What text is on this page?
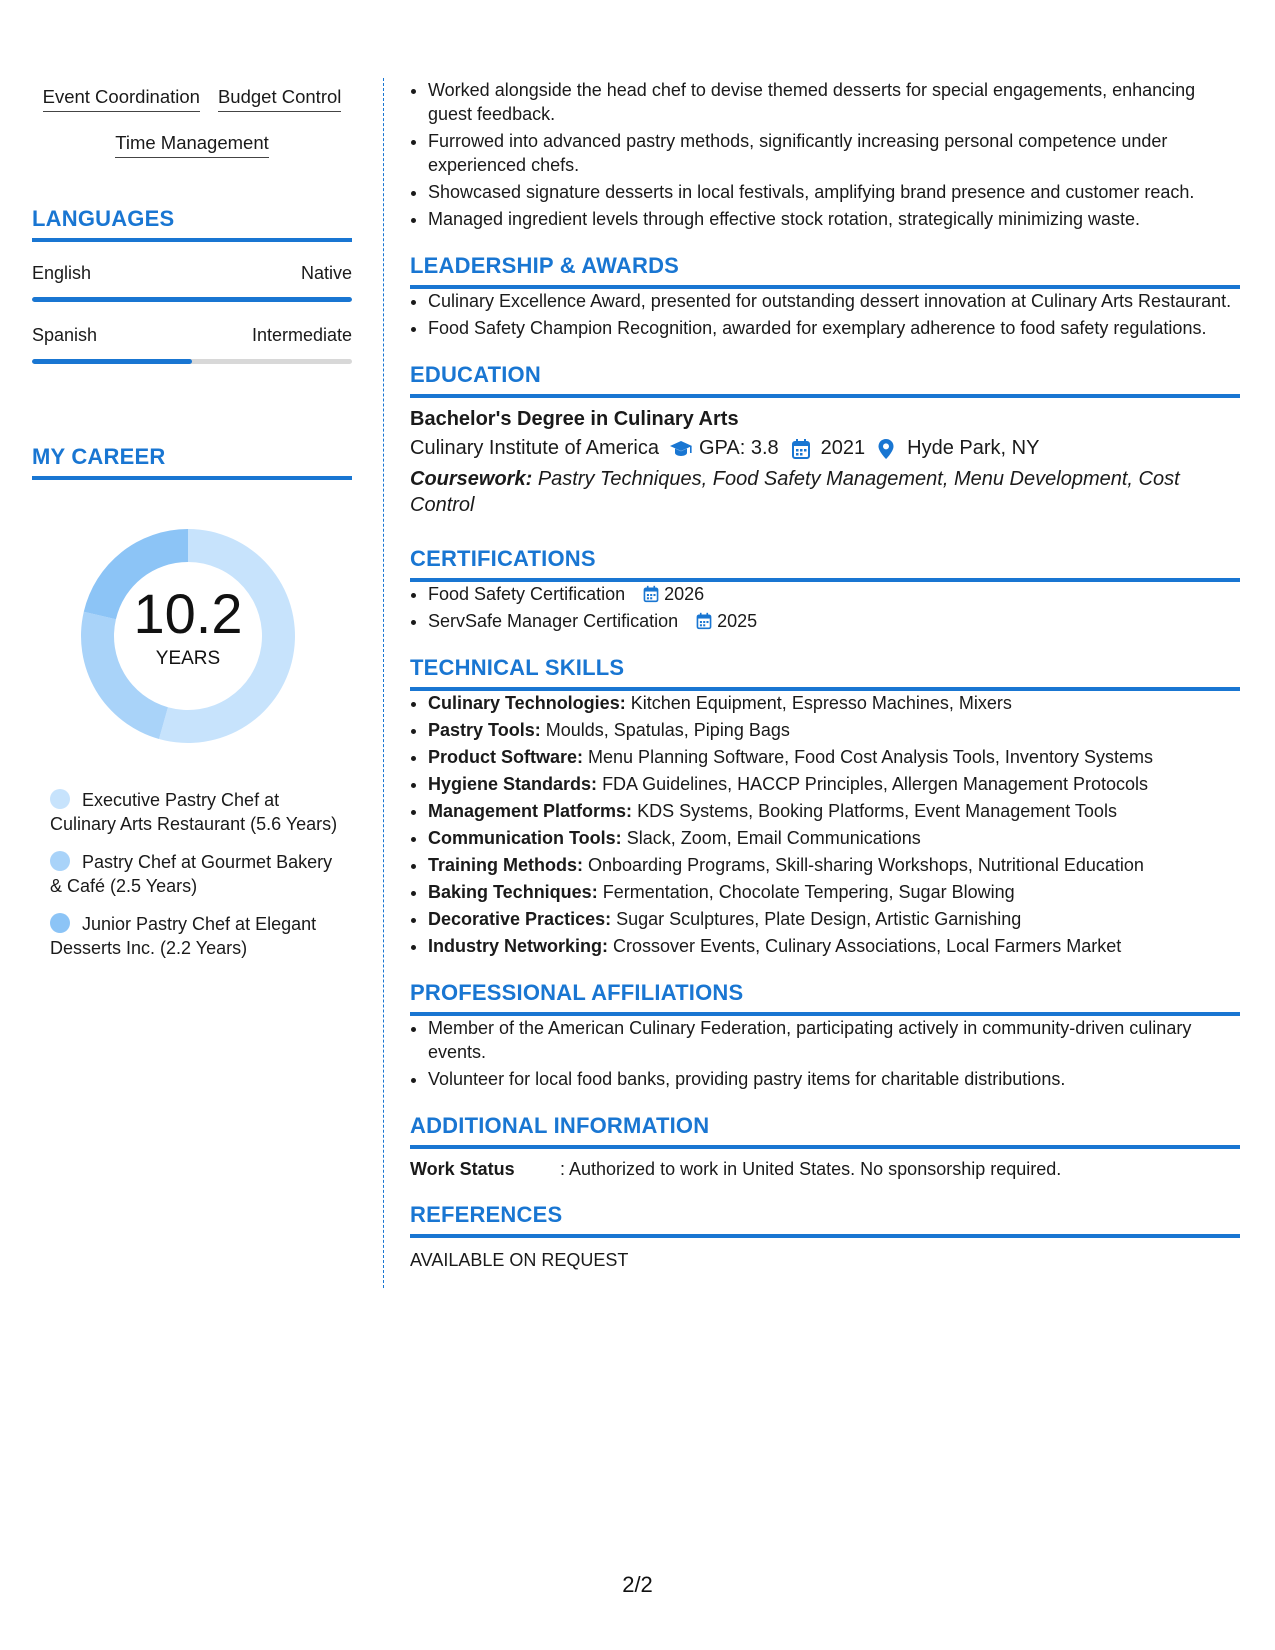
Event Coordination Budget Control
Time Management
LANGUAGES
English	Native
Spanish	Intermediate
MY CAREER
10.2
YEARS
Executive Pastry Chef at Culinary Arts Restaurant (5.6 Years)
Pastry Chef at Gourmet Bakery & Café (2.5 Years)
Junior Pastry Chef at Elegant Desserts Inc. (2.2 Years)
• Worked alongside the head chef to devise themed desserts for special engagements, enhancing guest feedback.
• Furrowed into advanced pastry methods, significantly increasing personal competence under experienced chefs.
• Showcased signature desserts in local festivals, amplifying brand presence and customer reach.
• Managed ingredient levels through effective stock rotation, strategically minimizing waste.
LEADERSHIP & AWARDS
• Culinary Excellence Award, presented for outstanding dessert innovation at Culinary Arts Restaurant.
• Food Safety Champion Recognition, awarded for exemplary adherence to food safety regulations.
EDUCATION
Bachelor's Degree in Culinary Arts
Culinary Institute of America GPA: 3.8 2021 Hyde Park, NY
Coursework: Pastry Techniques, Food Safety Management, Menu Development, Cost Control
CERTIFICATIONS
• Food Safety Certification 2026
• ServSafe Manager Certification 2025
TECHNICAL SKILLS
• Culinary Technologies: Kitchen Equipment, Espresso Machines, Mixers
• Pastry Tools: Moulds, Spatulas, Piping Bags
• Product Software: Menu Planning Software, Food Cost Analysis Tools, Inventory Systems
• Hygiene Standards: FDA Guidelines, HACCP Principles, Allergen Management Protocols
• Management Platforms: KDS Systems, Booking Platforms, Event Management Tools
• Communication Tools: Slack, Zoom, Email Communications
• Training Methods: Onboarding Programs, Skill-sharing Workshops, Nutritional Education
• Baking Techniques: Fermentation, Chocolate Tempering, Sugar Blowing
• Decorative Practices: Sugar Sculptures, Plate Design, Artistic Garnishing
• Industry Networking: Crossover Events, Culinary Associations, Local Farmers Market
PROFESSIONAL AFFILIATIONS
• Member of the American Culinary Federation, participating actively in community-driven culinary events.
• Volunteer for local food banks, providing pastry items for charitable distributions.
ADDITIONAL INFORMATION
Work Status	: Authorized to work in United States. No sponsorship required.
REFERENCES
AVAILABLE ON REQUEST
2/2
